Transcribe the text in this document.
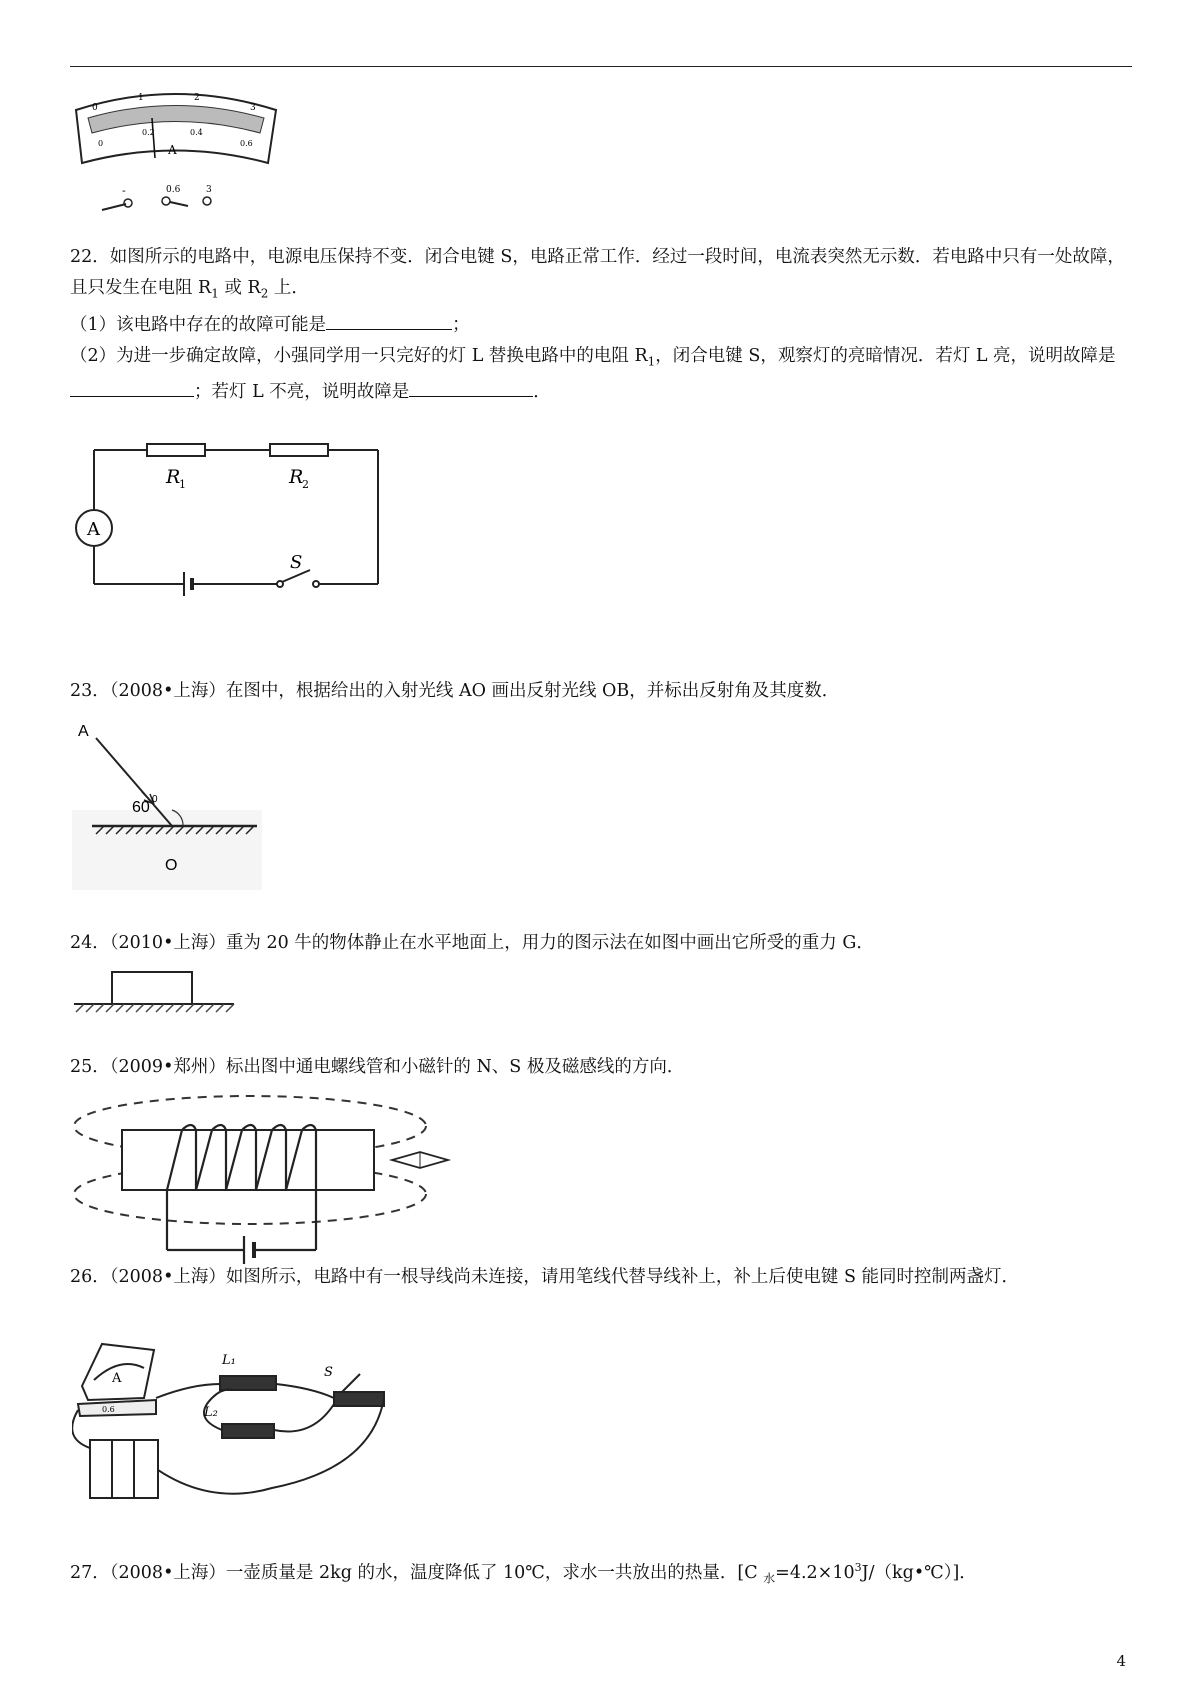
0
1	2
3
0
0.2	0.4
0.6
A
-	0.6	3
22．如图所示的电路中，电源电压保持不变．闭合电键 S，电路正常工作．经过一段时间，电流表突然无示数．若电路中只有一处故障，且只发生在电阻 $R_1$ 或 $R_2$ 上．
（1）该电路中存在的故障可能是	；
（2）为进一步确定故障，小强同学用一只完好的灯 L 替换电路中的电阻 $R_1$，闭合电键 S，观察灯的亮暗情况．若灯 L 亮，说明故障是；若灯 L 不亮，说明故障是	．
R
1	R
2
A
S
23．（2008•上海）在图中，根据给出的入射光线 AO 画出反射光线 OB，并标出反射角及其度数．
A
60 0
O
24．（2010•上海）重为 20 牛的物体静止在水平地面上，用力的图示法在如图中画出它所受的重力 G．
25．（2009•郑州）标出图中通电螺线管和小磁针的 N、S 极及磁感线的方向．
26．（2008•上海）如图所示，电路中有一根导线尚未连接，请用笔线代替导线补上，补上后使电键 S 能同时控制两盏灯．
L₁
L₂
S
A
0.6
27．（2008•上海）一壶质量是 2kg 的水，温度降低了 10℃，求水一共放出的热量．[C $_水=4.2\times 10^3J/(kg•℃)$]．
4
